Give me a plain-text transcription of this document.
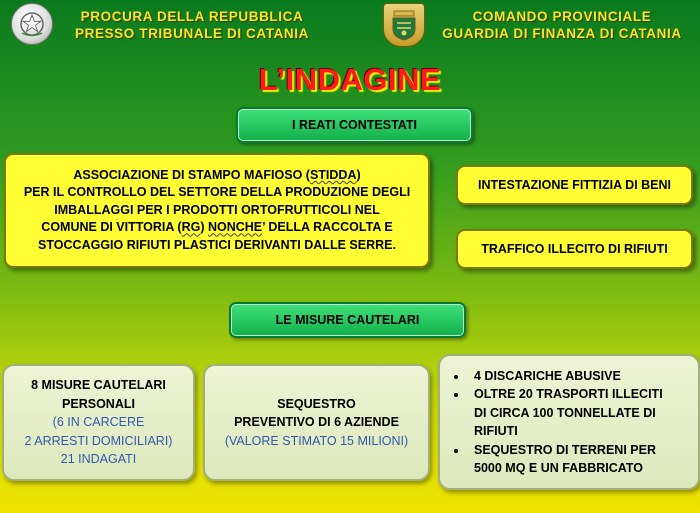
PROCURA DELLA REPUBBLICA
PRESSO TRIBUNALE DI CATANIA
COMANDO PROVINCIALE
GUARDIA DI FINANZA DI CATANIA
L’INDAGINE
I REATI CONTESTATI
ASSOCIAZIONE DI STAMPO MAFIOSO (STIDDA)
PER IL CONTROLLO DEL SETTORE DELLA PRODUZIONE DEGLI
IMBALLAGGI PER I PRODOTTI ORTOFRUTTICOLI NEL
COMUNE DI VITTORIA (RG) NONCHE’ DELLA RACCOLTA E
STOCCAGGIO RIFIUTI PLASTICI DERIVANTI DALLE SERRE.
INTESTAZIONE FITTIZIA DI BENI
TRAFFICO ILLECITO DI RIFIUTI
LE MISURE CAUTELARI
8 MISURE CAUTELARI
PERSONALI
(6 IN CARCERE
2 ARRESTI DOMICILIARI)
21 INDAGATI
SEQUESTRO
PREVENTIVO DI 6 AZIENDE
(VALORE STIMATO 15 MILIONI)
• 4 DISCARICHE ABUSIVE
• OLTRE 20 TRASPORTI ILLECITI
DI CIRCA 100 TONNELLATE DI
RIFIUTI
• SEQUESTRO DI TERRENI PER
5000 MQ E UN FABBRICATO
